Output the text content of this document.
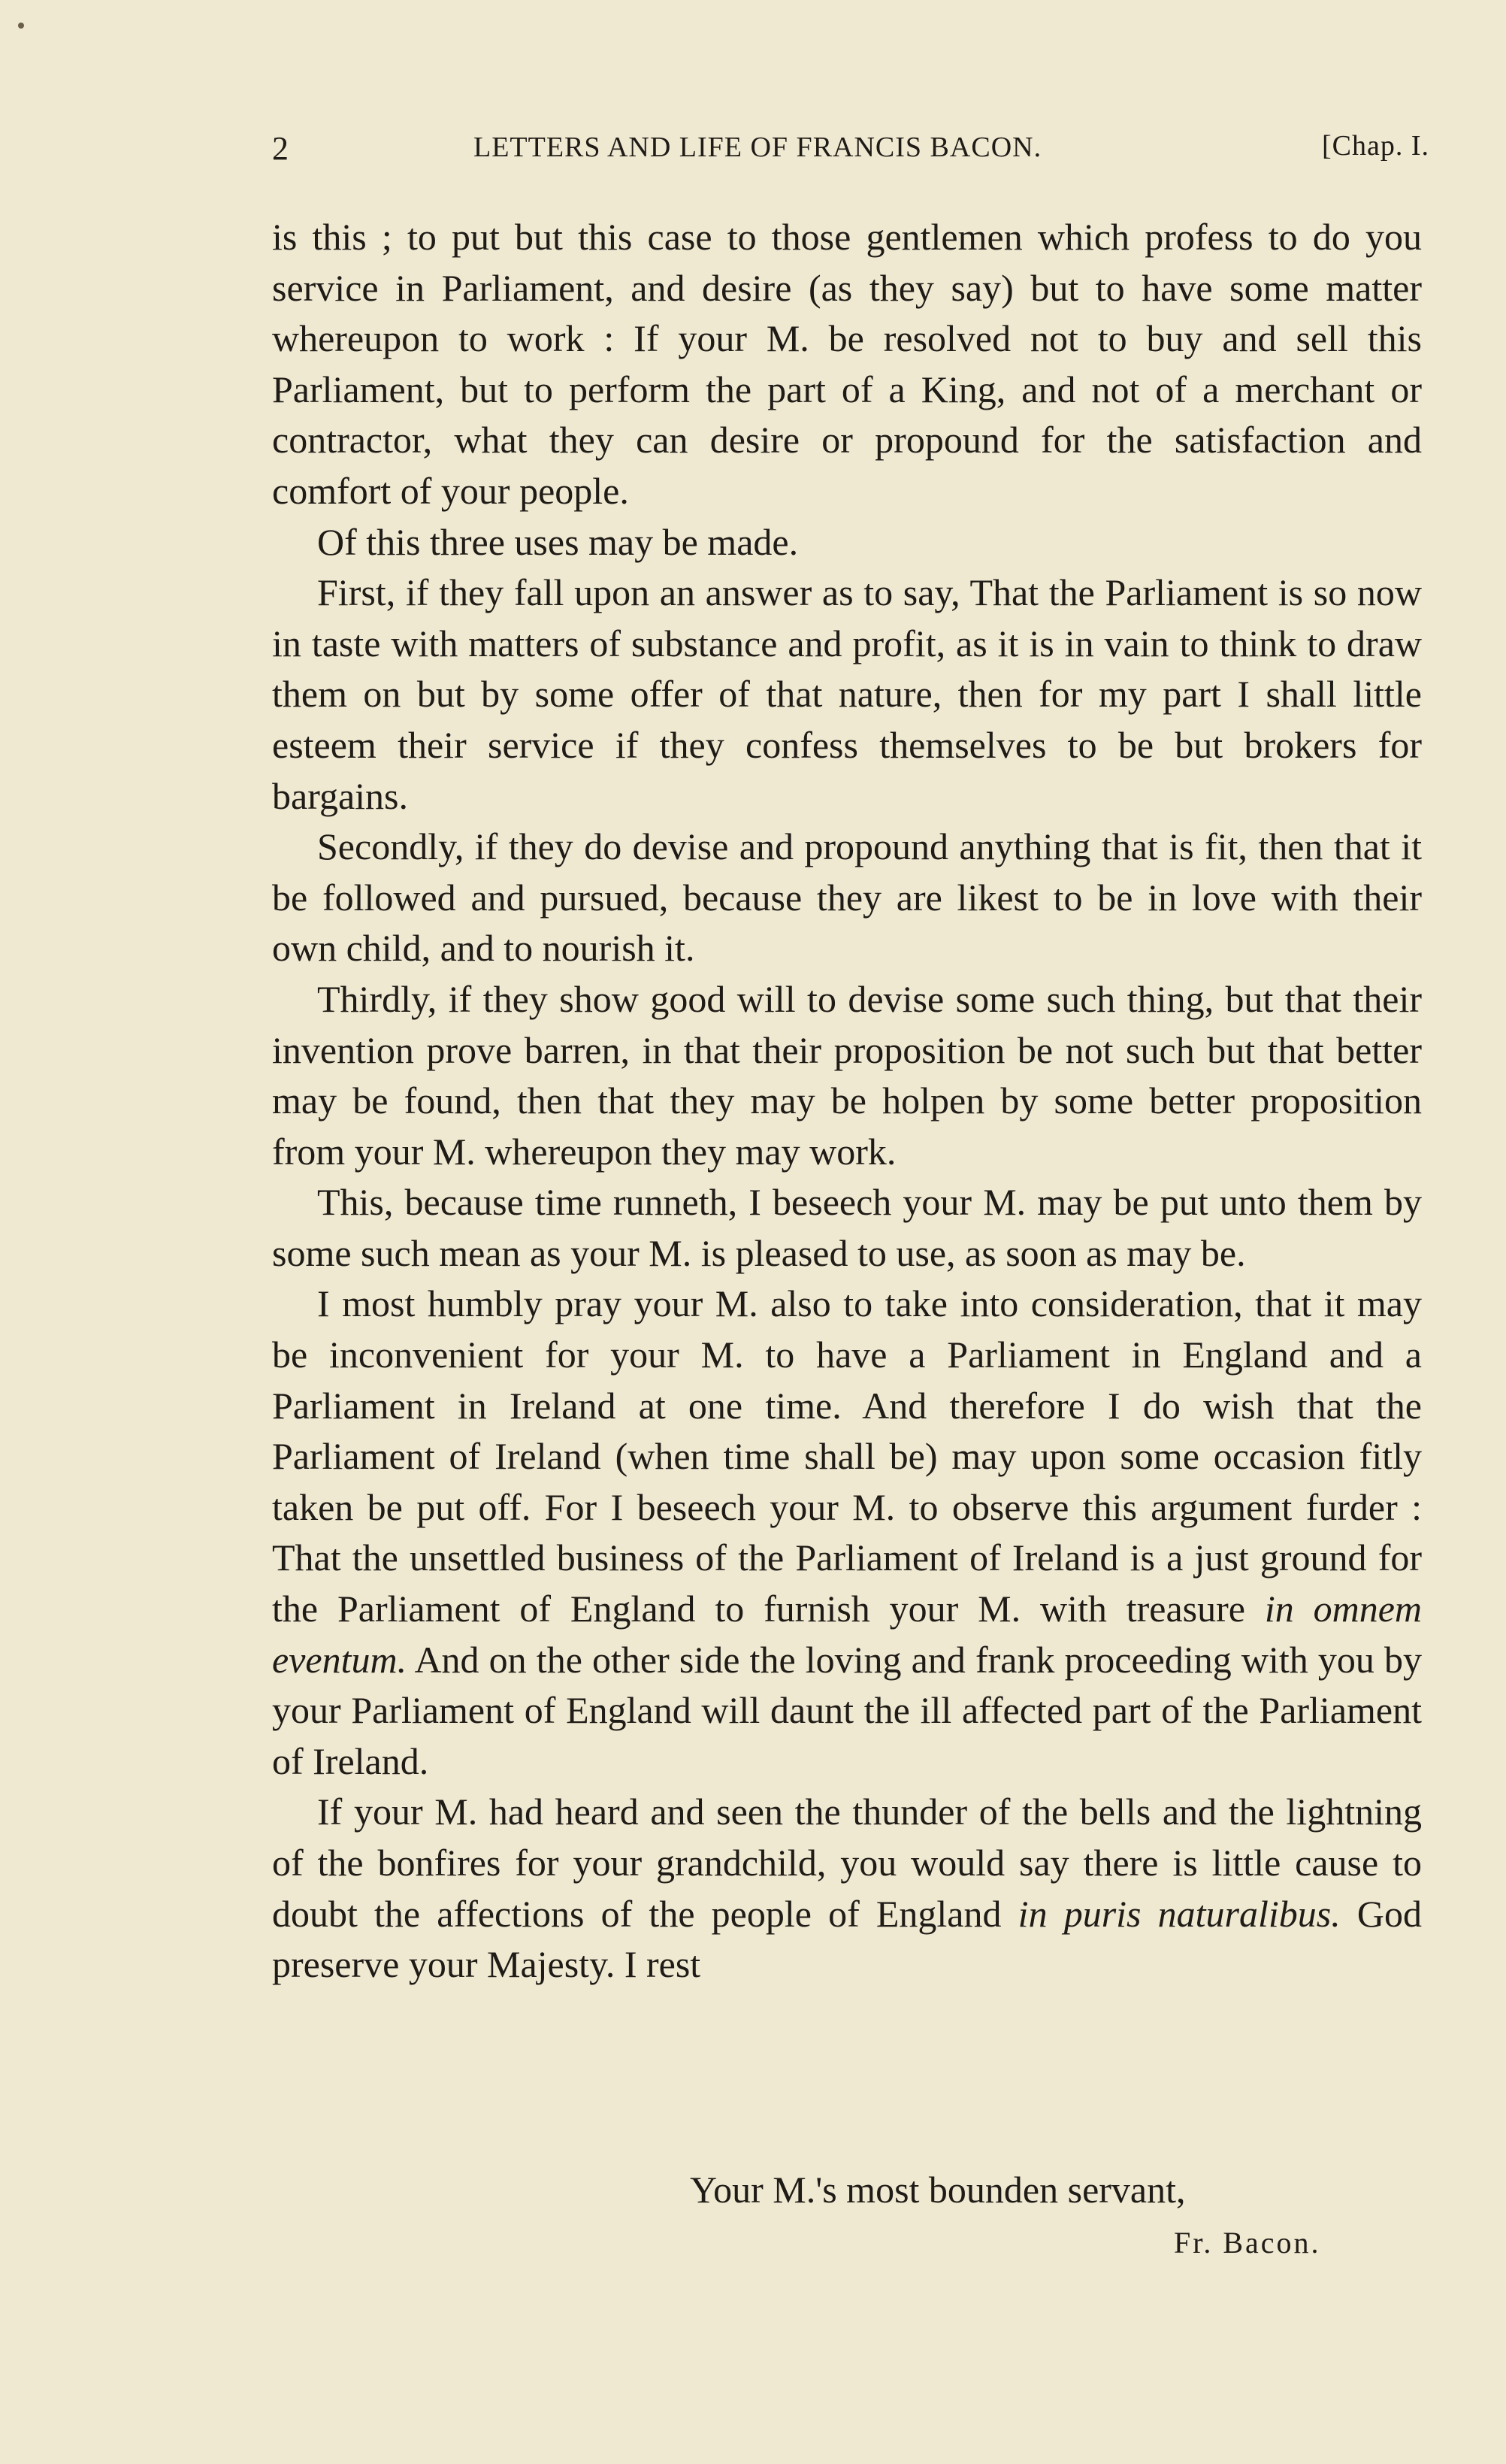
2	LETTERS AND LIFE OF FRANCIS BACON.	[Chap. I.

is this ; to put but this case to those gentlemen which profess to do you service in Parliament, and desire (as they say) but to have some matter whereupon to work : If your M. be resolved not to buy and sell this Parliament, but to perform the part of a King, and not of a merchant or contractor, what they can desire or propound for the satisfaction and comfort of your people.

Of this three uses may be made.

First, if they fall upon an answer as to say, That the Parliament is so now in taste with matters of substance and profit, as it is in vain to think to draw them on but by some offer of that nature, then for my part I shall little esteem their service if they confess themselves to be but brokers for bargains.

Secondly, if they do devise and propound anything that is fit, then that it be followed and pursued, because they are likest to be in love with their own child, and to nourish it.

Thirdly, if they show good will to devise some such thing, but that their invention prove barren, in that their proposition be not such but that better may be found, then that they may be holpen by some better proposition from your M. whereupon they may work.

This, because time runneth, I beseech your M. may be put unto them by some such mean as your M. is pleased to use, as soon as may be.

I most humbly pray your M. also to take into consideration, that it may be inconvenient for your M. to have a Parliament in England and a Parliament in Ireland at one time. And therefore I do wish that the Parliament of Ireland (when time shall be) may upon some occasion fitly taken be put off. For I beseech your M. to observe this argument furder : That the unsettled business of the Parliament of Ireland is a just ground for the Parliament of England to furnish your M. with treasure in omnem eventum. And on the other side the loving and frank proceeding with you by your Parliament of England will daunt the ill affected part of the Parliament of Ireland.

If your M. had heard and seen the thunder of the bells and the lightning of the bonfires for your grandchild, you would say there is little cause to doubt the affections of the people of England in puris naturalibus. God preserve your Majesty. I rest

Your M.'s most bounden servant,
Fr. Bacon.
